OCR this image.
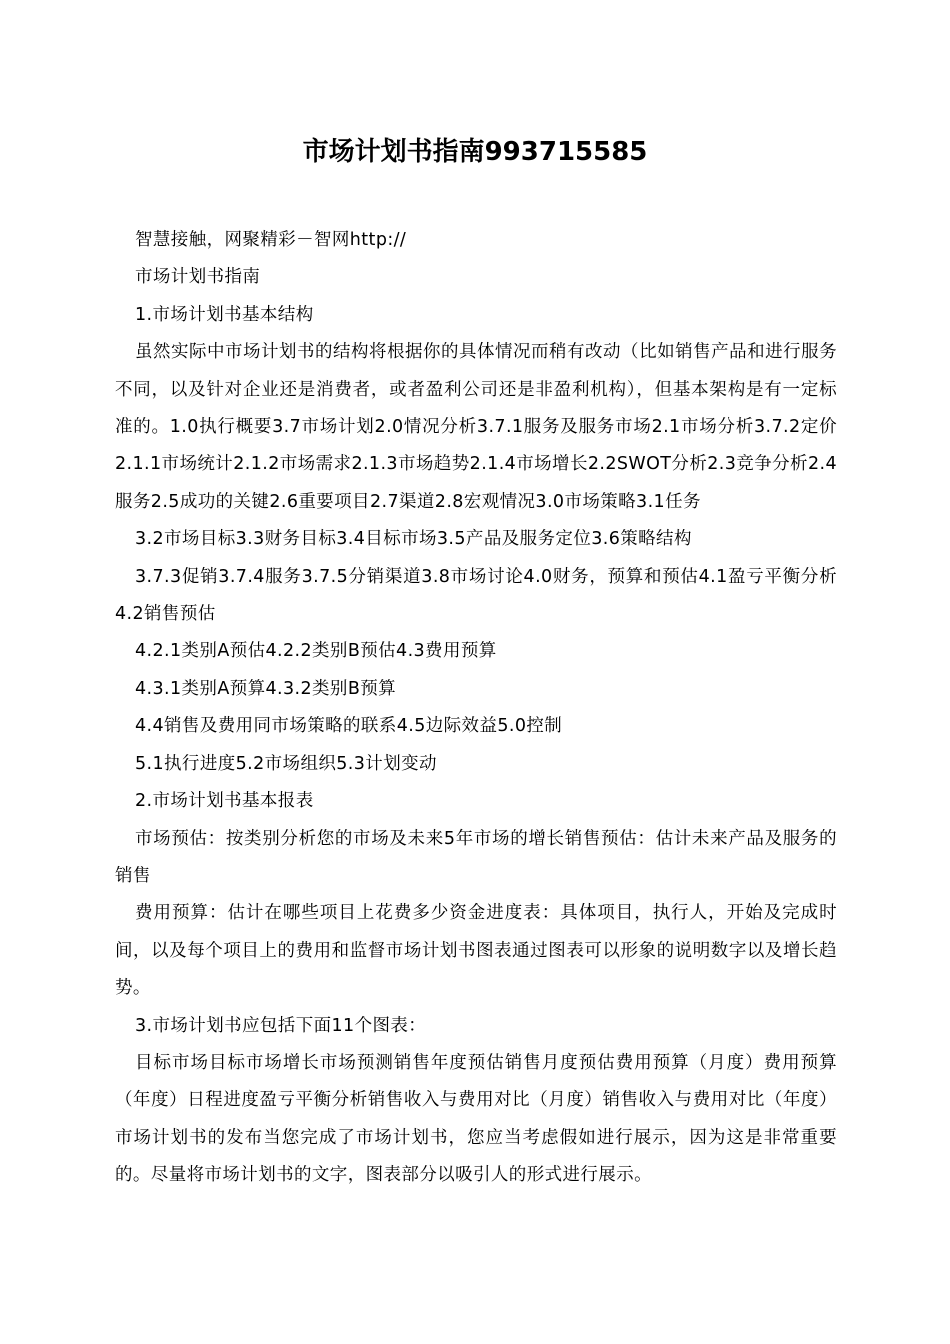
市场计划书指南993715585

智慧接触，网聚精彩－智网http://

市场计划书指南

1.市场计划书基本结构

虽然实际中市场计划书的结构将根据你的具体情况而稍有改动（比如销售产品和进行服务不同，以及针对企业还是消费者，或者盈利公司还是非盈利机构），但基本架构是有一定标准的。1.0执行概要3.7市场计划2.0情况分析3.7.1服务及服务市场2.1市场分析3.7.2定价2.1.1市场统计2.1.2市场需求2.1.3市场趋势2.1.4市场增长2.2SWOT分析2.3竞争分析2.4服务2.5成功的关键2.6重要项目2.7渠道2.8宏观情况3.0市场策略3.1任务

3.2市场目标3.3财务目标3.4目标市场3.5产品及服务定位3.6策略结构

3.7.3促销3.7.4服务3.7.5分销渠道3.8市场讨论4.0财务，预算和预估4.1盈亏平衡分析4.2销售预估

4.2.1类别A预估4.2.2类别B预估4.3费用预算

4.3.1类别A预算4.3.2类别B预算

4.4销售及费用同市场策略的联系4.5边际效益5.0控制

5.1执行进度5.2市场组织5.3计划变动

2.市场计划书基本报表

市场预估：按类别分析您的市场及未来5年市场的增长销售预估：估计未来产品及服务的销售

费用预算：估计在哪些项目上花费多少资金进度表：具体项目，执行人，开始及完成时间，以及每个项目上的费用和监督市场计划书图表通过图表可以形象的说明数字以及增长趋势。

3.市场计划书应包括下面11个图表：

目标市场目标市场增长市场预测销售年度预估销售月度预估费用预算（月度）费用预算（年度）日程进度盈亏平衡分析销售收入与费用对比（月度）销售收入与费用对比（年度）市场计划书的发布当您完成了市场计划书，您应当考虑假如进行展示，因为这是非常重要的。尽量将市场计划书的文字，图表部分以吸引人的形式进行展示。
